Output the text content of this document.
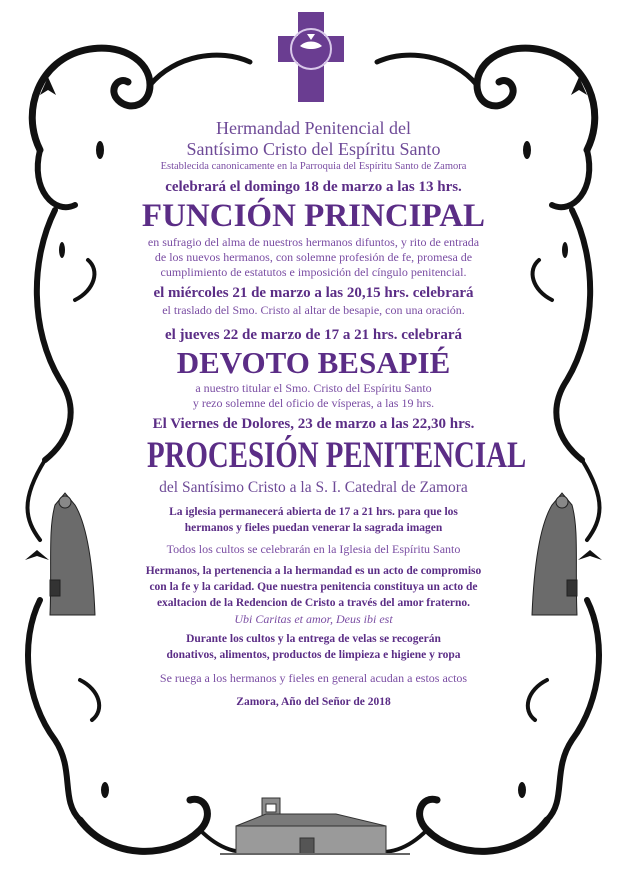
Hermandad Penitencial del
Santísimo Cristo del Espíritu Santo
Establecida canonicamente en la Parroquia del Espíritu Santo de Zamora
celebrará el domingo 18 de marzo a las 13 hrs.
FUNCIÓN PRINCIPAL
en sufragio del alma de nuestros hermanos difuntos, y rito de entrada
de los nuevos hermanos, con solemne profesión de fe, promesa de
cumplimiento de estatutos e imposición del cíngulo penitencial.
el miércoles 21 de marzo a las 20,15 hrs. celebrará
el traslado del Smo. Cristo al altar de besapie, con una oración.
el jueves 22 de marzo de 17 a 21 hrs. celebrará
DEVOTO BESAPIÉ
a nuestro titular el Smo. Cristo del Espíritu Santo
y rezo solemne del oficio de vísperas, a las 19 hrs.
El Viernes de Dolores, 23 de marzo a las 22,30 hrs.
PROCESIÓN PENITENCIAL
del Santísimo Cristo a la S. I. Catedral de Zamora
La iglesia permanecerá abierta de 17 a 21 hrs. para que los
hermanos y fieles puedan venerar la sagrada imagen
Todos los cultos se celebrarán en la Iglesia del Espíritu Santo
Hermanos, la pertenencia a la hermandad es un acto de compromiso
con la fe y la caridad. Que nuestra penitencia constituya un acto de
exaltacion de la Redencion de Cristo a través del amor fraterno.
Ubi Caritas et amor, Deus ibi est
Durante los cultos y la entrega de velas se recogerán
donativos, alimentos, productos de limpieza e higiene y ropa
Se ruega a los hermanos y fieles en general acudan a estos actos
Zamora, Año del Señor de 2018
